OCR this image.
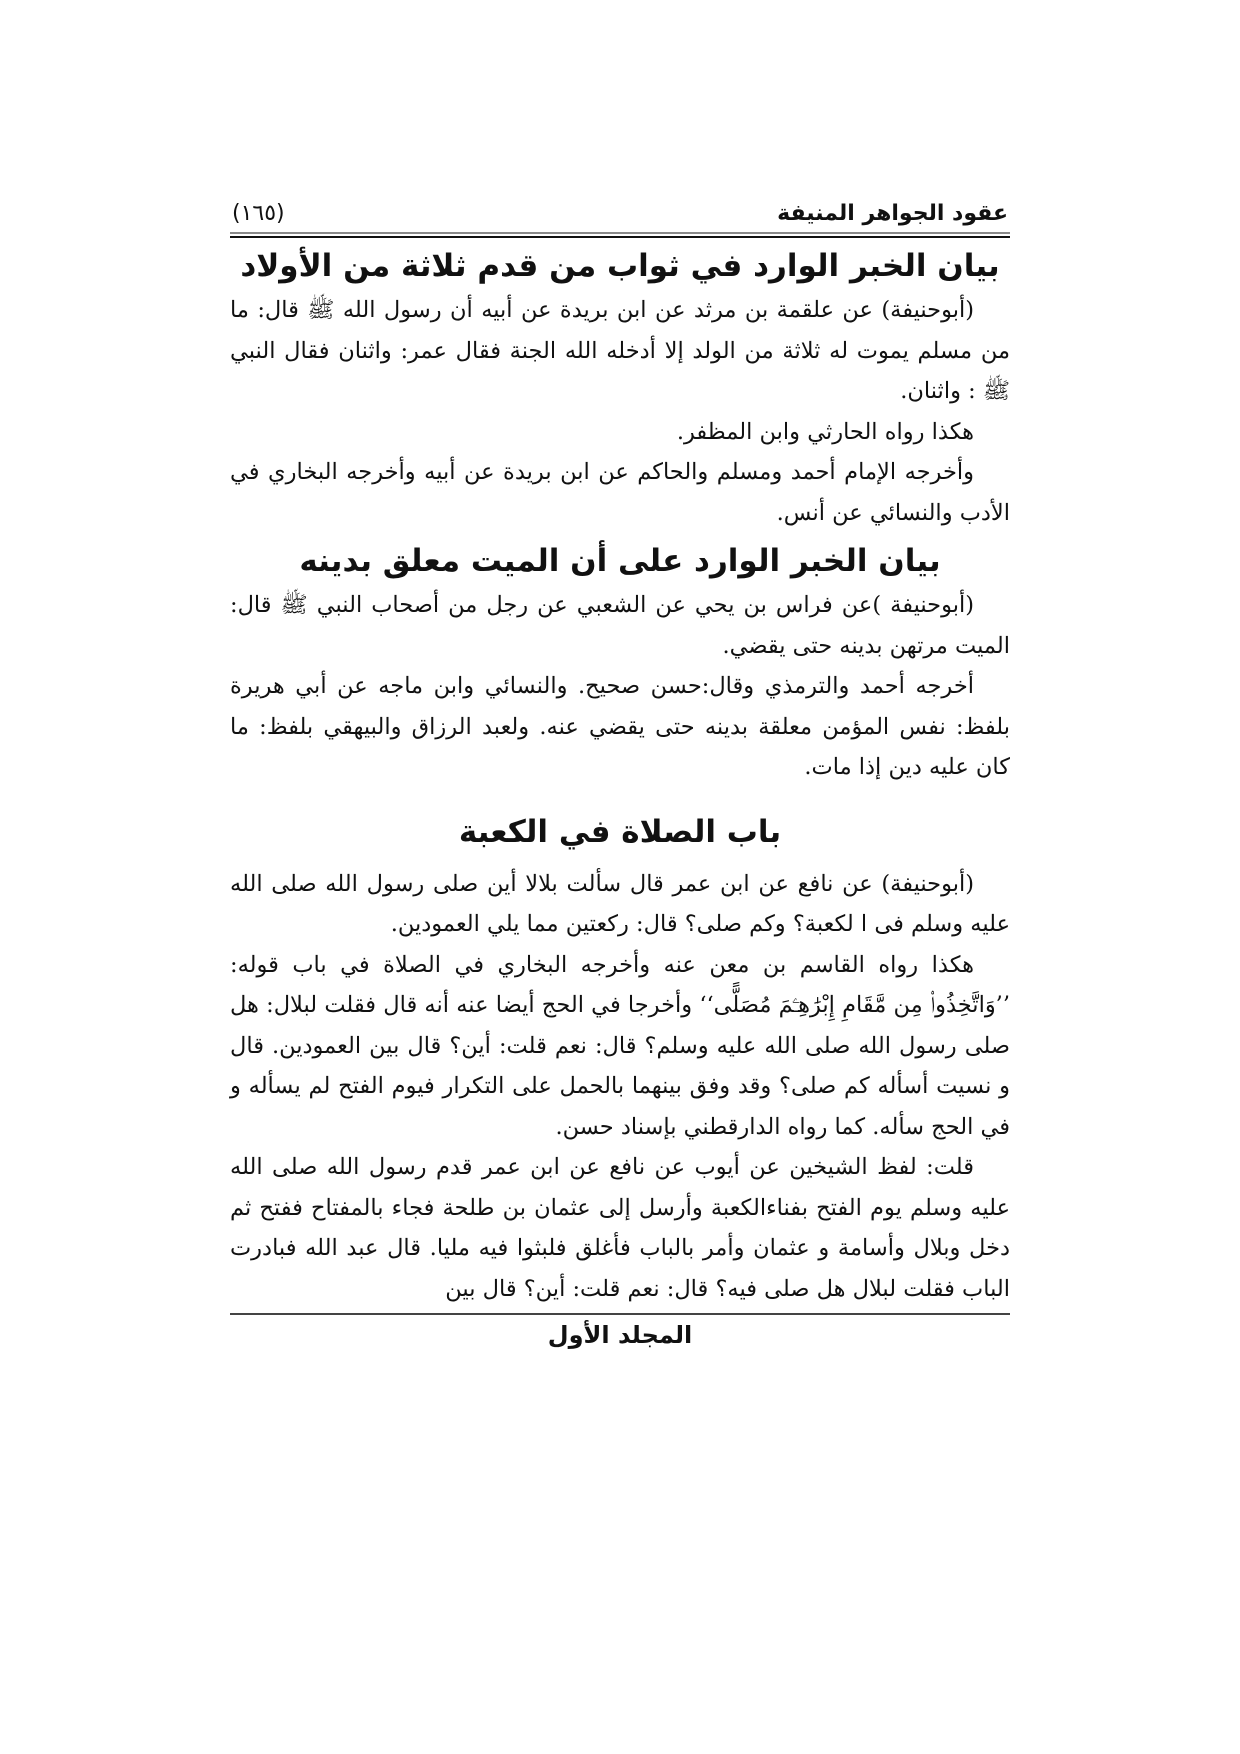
عقود الجواهر المنيفة
(١٦٥)
بيان الخبر الوارد في ثواب من قدم ثلاثة من الأولاد

(أبوحنيفة) عن علقمة بن مرثد عن ابن بريدة عن أبيه أن رسول الله ﷺ قال: ما من مسلم يموت له ثلاثة من الولد إلا أدخله الله الجنة فقال عمر: واثنان فقال النبي ﷺ : واثنان.

هكذا رواه الحارثي وابن المظفر.

وأخرجه الإمام أحمد ومسلم والحاكم عن ابن بريدة عن أبيه وأخرجه البخاري في الأدب والنسائي عن أنس.

بيان الخبر الوارد على أن الميت معلق بدينه

(أبوحنيفة )عن فراس بن يحي عن الشعبي عن رجل من أصحاب النبي ﷺ قال: الميت مرتهن بدينه حتى يقضي.

أخرجه أحمد والترمذي وقال:حسن صحيح. والنسائي وابن ماجه عن أبي هريرة بلفظ: نفس المؤمن معلقة بدينه حتى يقضي عنه. ولعبد الرزاق والبيهقي بلفظ: ما كان عليه دين إذا مات.

باب الصلاة في الكعبة

(أبوحنيفة) عن نافع عن ابن عمر قال سألت بلالا أين صلى رسول الله صلى الله عليه وسلم فى ا لكعبة؟ وكم صلى؟ قال: ركعتين مما يلي العمودين.

هكذا رواه القاسم بن معن عنه وأخرجه البخاري في الصلاة في باب قوله: ’’وَاتَّخِذُوا۟ مِن مَّقَامِ إِبْرَٰهِـۧمَ مُصَلًّى‘‘ وأخرجا في الحج أيضا عنه أنه قال فقلت لبلال: هل صلى رسول الله صلى الله عليه وسلم؟ قال: نعم قلت: أين؟ قال بين العمودين. قال و نسيت أسأله كم صلى؟ وقد وفق بينهما بالحمل على التكرار فيوم الفتح لم يسأله و في الحج سأله. كما رواه الدارقطني بإسناد حسن.

قلت: لفظ الشيخين عن أيوب عن نافع عن ابن عمر قدم رسول الله صلى الله عليه وسلم يوم الفتح بفناءالكعبة وأرسل إلى عثمان بن طلحة فجاء بالمفتاح ففتح ثم دخل وبلال وأسامة و عثمان وأمر بالباب فأغلق فلبثوا فيه مليا. قال عبد الله فبادرت الباب فقلت لبلال هل صلى فيه؟ قال: نعم قلت: أين؟ قال بين

المجلد الأول
